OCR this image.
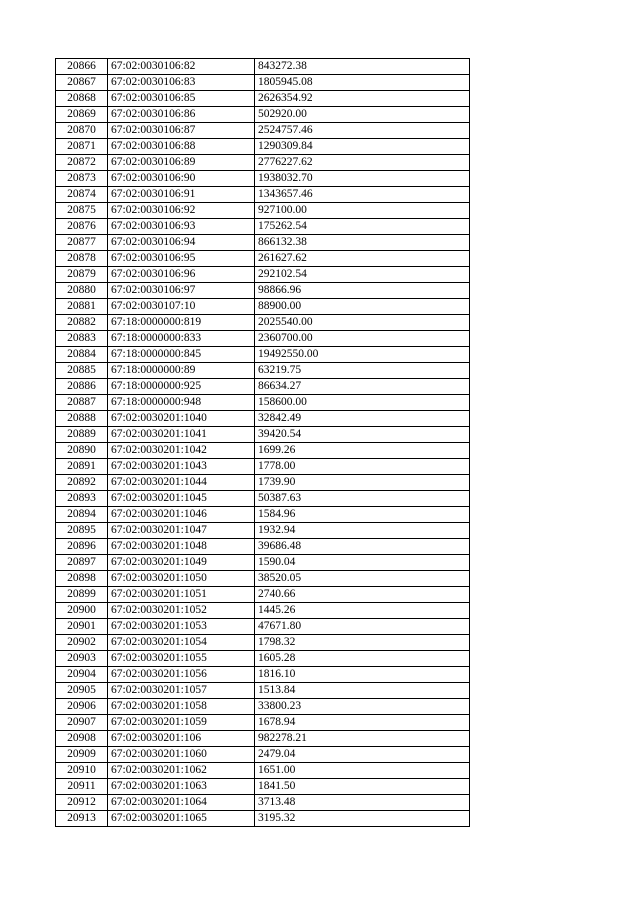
20866	67:02:0030106:82	843272.38
20867	67:02:0030106:83	1805945.08
20868	67:02:0030106:85	2626354.92
20869	67:02:0030106:86	502920.00
20870	67:02:0030106:87	2524757.46
20871	67:02:0030106:88	1290309.84
20872	67:02:0030106:89	2776227.62
20873	67:02:0030106:90	1938032.70
20874	67:02:0030106:91	1343657.46
20875	67:02:0030106:92	927100.00
20876	67:02:0030106:93	175262.54
20877	67:02:0030106:94	866132.38
20878	67:02:0030106:95	261627.62
20879	67:02:0030106:96	292102.54
20880	67:02:0030106:97	98866.96
20881	67:02:0030107:10	88900.00
20882	67:18:0000000:819	2025540.00
20883	67:18:0000000:833	2360700.00
20884	67:18:0000000:845	19492550.00
20885	67:18:0000000:89	63219.75
20886	67:18:0000000:925	86634.27
20887	67:18:0000000:948	158600.00
20888	67:02:0030201:1040	32842.49
20889	67:02:0030201:1041	39420.54
20890	67:02:0030201:1042	1699.26
20891	67:02:0030201:1043	1778.00
20892	67:02:0030201:1044	1739.90
20893	67:02:0030201:1045	50387.63
20894	67:02:0030201:1046	1584.96
20895	67:02:0030201:1047	1932.94
20896	67:02:0030201:1048	39686.48
20897	67:02:0030201:1049	1590.04
20898	67:02:0030201:1050	38520.05
20899	67:02:0030201:1051	2740.66
20900	67:02:0030201:1052	1445.26
20901	67:02:0030201:1053	47671.80
20902	67:02:0030201:1054	1798.32
20903	67:02:0030201:1055	1605.28
20904	67:02:0030201:1056	1816.10
20905	67:02:0030201:1057	1513.84
20906	67:02:0030201:1058	33800.23
20907	67:02:0030201:1059	1678.94
20908	67:02:0030201:106	982278.21
20909	67:02:0030201:1060	2479.04
20910	67:02:0030201:1062	1651.00
20911	67:02:0030201:1063	1841.50
20912	67:02:0030201:1064	3713.48
20913	67:02:0030201:1065	3195.32
